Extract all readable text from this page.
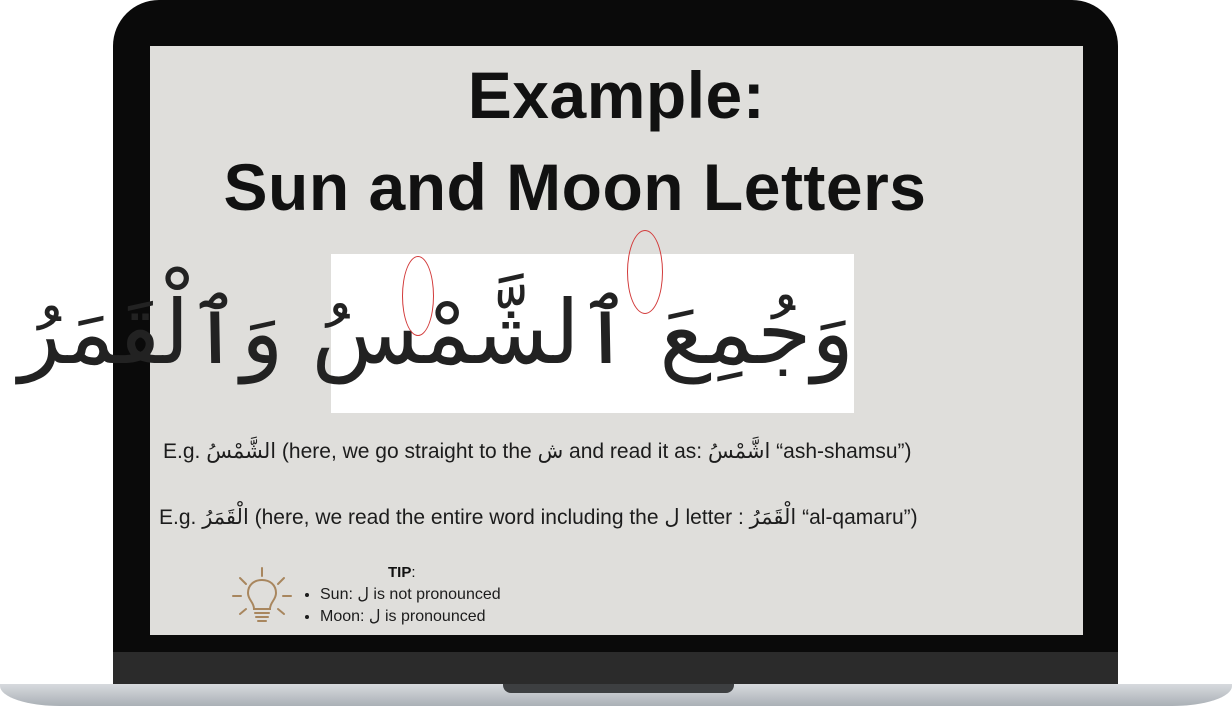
Example:
Sun and Moon Letters
وَجُمِعَ ٱلشَّمْسُ وَٱلْقَمَرُ
E.g. الشَّمْسُ (here, we go straight to the ش and read it as: اشَّمْسُ “ash-shamsu”)
E.g. الْقَمَرُ (here, we read the entire word including the ل letter : الْقَمَرُ “al-qamaru”)
TIP:
• Sun: ل is not pronounced
• Moon: ل is pronounced
